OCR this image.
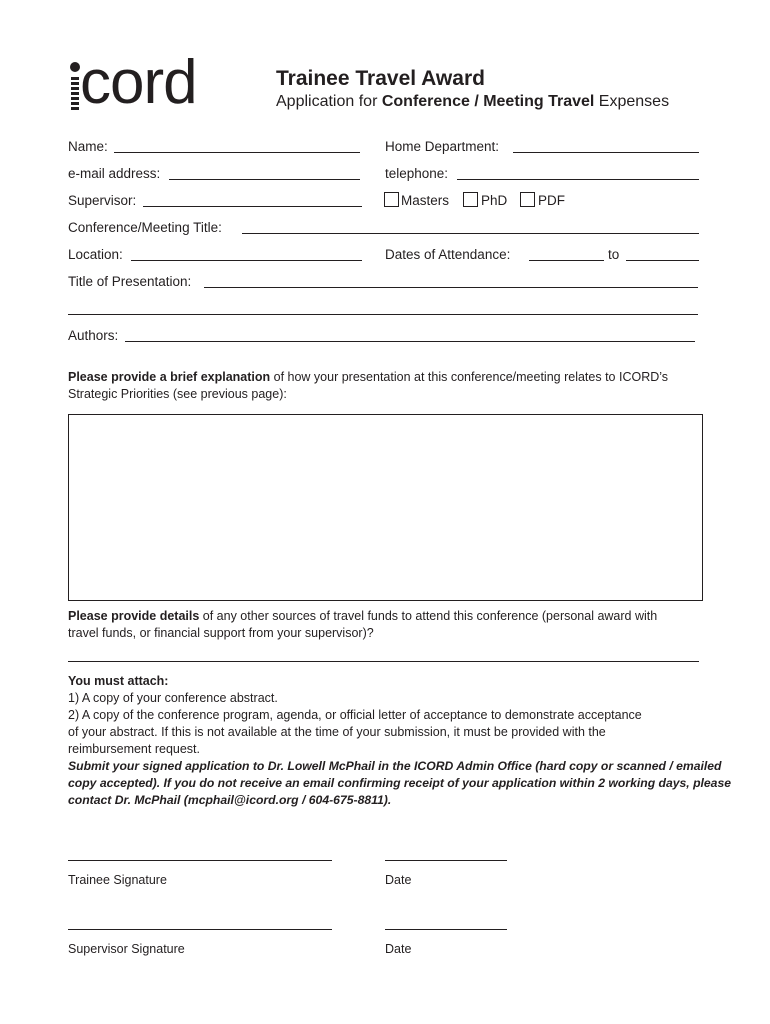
cord	Trainee Travel Award
Application for Conference / Meeting Travel Expenses
Name:	Home Department:
e-mail address:	telephone:
Supervisor:	Masters PhD PDF
Conference/Meeting Title:
Location:	Dates of Attendance:	to
Title of Presentation:
Authors:
Please provide a brief explanation of how your presentation at this conference/meeting relates to ICORD’s
Strategic Priorities (see previous page):
Please provide details of any other sources of travel funds to attend this conference (personal award with
travel funds, or financial support from your supervisor)?
You must attach:
1) A copy of your conference abstract.
2) A copy of the conference program, agenda, or official letter of acceptance to demonstrate acceptance
of your abstract. If this is not available at the time of your submission, it must be provided with the
reimbursement request.
Submit your signed application to Dr. Lowell McPhail in the ICORD Admin Office (hard copy or scanned / emailed
copy accepted). If you do not receive an email confirming receipt of your application within 2 working days, please
contact Dr. McPhail (mcphail@icord.org / 604-675-8811).
Trainee Signature	Date
Supervisor Signature	Date
